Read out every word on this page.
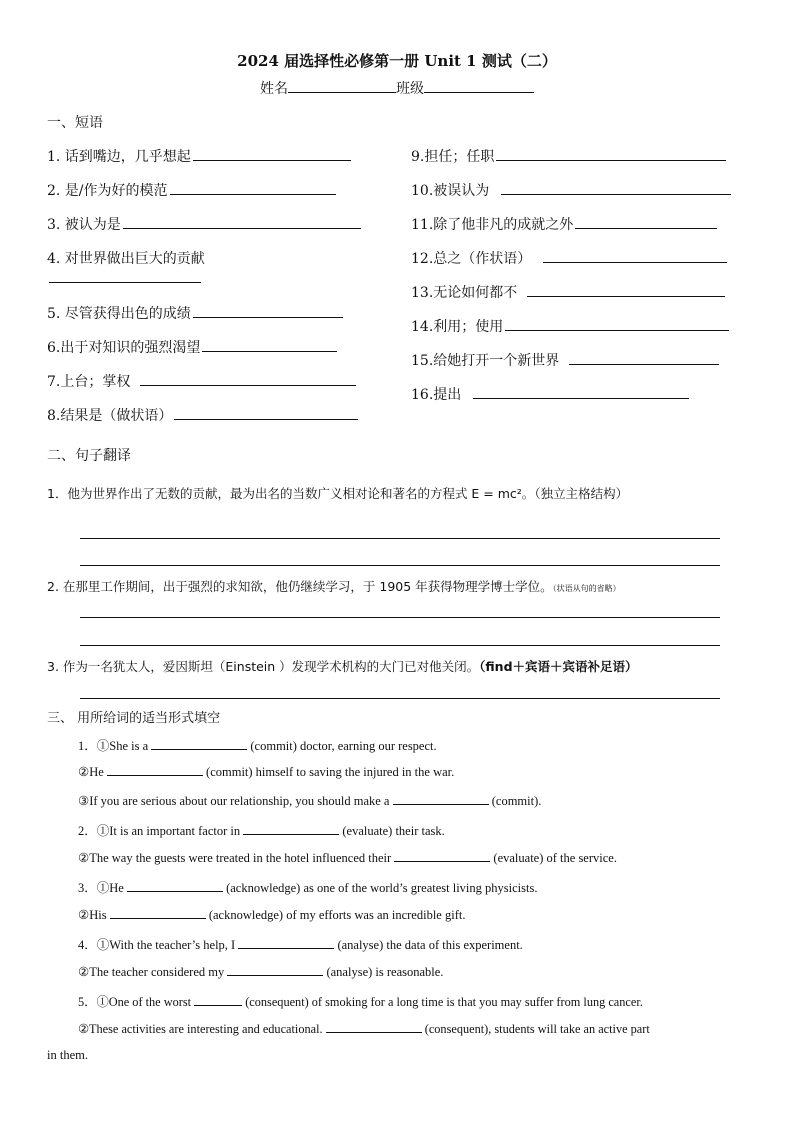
2024 届选择性必修第一册 Unit 1 测试（二）
姓名	班级
一、短语
1. 话到嘴边，几乎想起
2. 是/作为好的模范
3. 被认为是
4. 对世界做出巨大的贡献
5. 尽管获得出色的成绩
6.出于对知识的强烈渴望
7.上台；掌权
8.结果是（做状语）
9.担任；任职
10.被误认为
11.除了他非凡的成就之外
12.总之（作状语）
13.无论如何都不
14.利用；使用
15.给她打开一个新世界
16.提出
二、句子翻译
1．他为世界作出了无数的贡献，最为出名的当数广义相对论和著名的方程式 E = mc²。（独立主格结构）
2. 在那里工作期间，出于强烈的求知欲，他仍继续学习，于 1905 年获得物理学博士学位。（状语从句的省略）
3. 作为一名犹太人，爱因斯坦（Einstein ）发现学术机构的大门已对他关闭。（find＋宾语＋宾语补足语）
三、 用所给词的适当形式填空
1．①She is a	(commit) doctor, earning our respect.
②He	(commit) himself to saving the injured in the war.
③If you are serious about our relationship, you should make a	(commit).
2．①It is an important factor in	(evaluate) their task.
②The way the guests were treated in the hotel influenced their	(evaluate) of the service.
3．①He	(acknowledge) as one of the world’s greatest living physicists.
②His	(acknowledge) of my efforts was an incredible gift.
4．①With the teacher’s help, I	(analyse) the data of this experiment.
②The teacher considered my	(analyse) is reasonable.
5．①One of the worst	(consequent) of smoking for a long time is that you may suffer from lung cancer.
②These activities are interesting and educational.	(consequent), students will take an active part
in them.
